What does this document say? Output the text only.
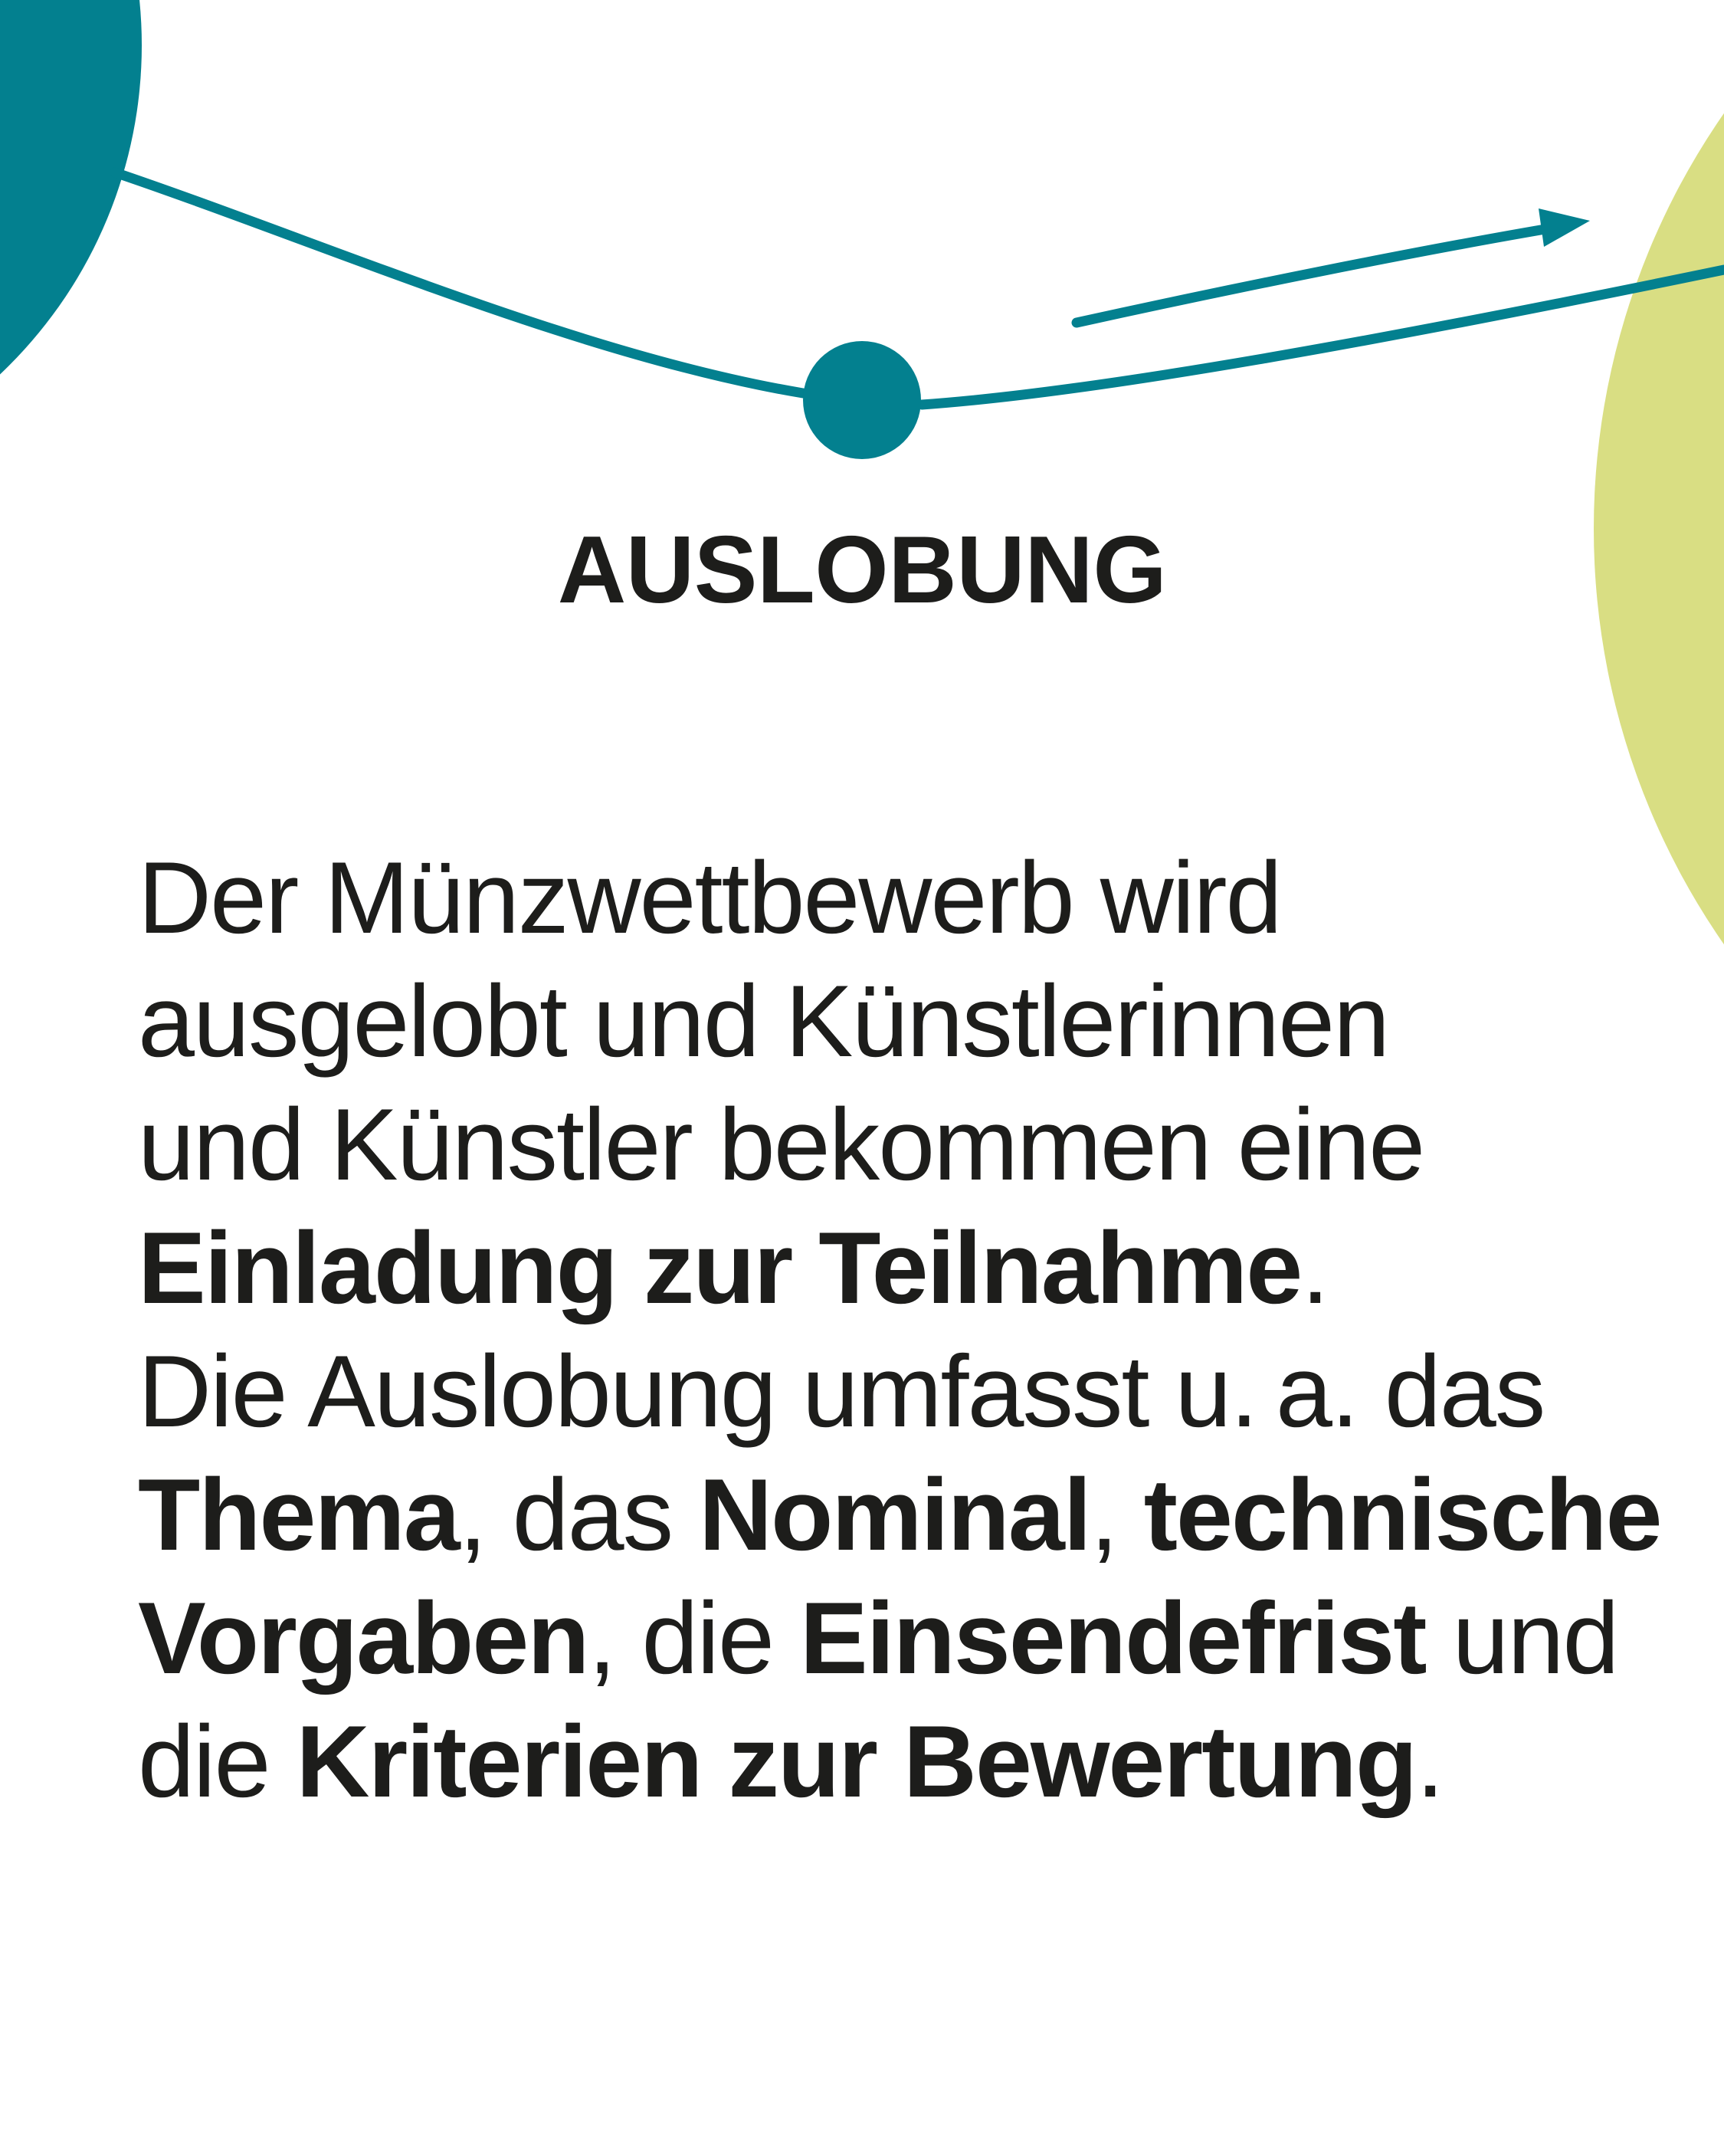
AUSLOBUNG
Der Münzwettbewerb wird
ausgelobt und Künstlerinnen
und Künstler bekommen eine
Einladung zur Teilnahme.
Die Auslobung umfasst u. a. das
Thema, das Nominal, technische
Vorgaben, die Einsendefrist und
die Kriterien zur Bewertung.
